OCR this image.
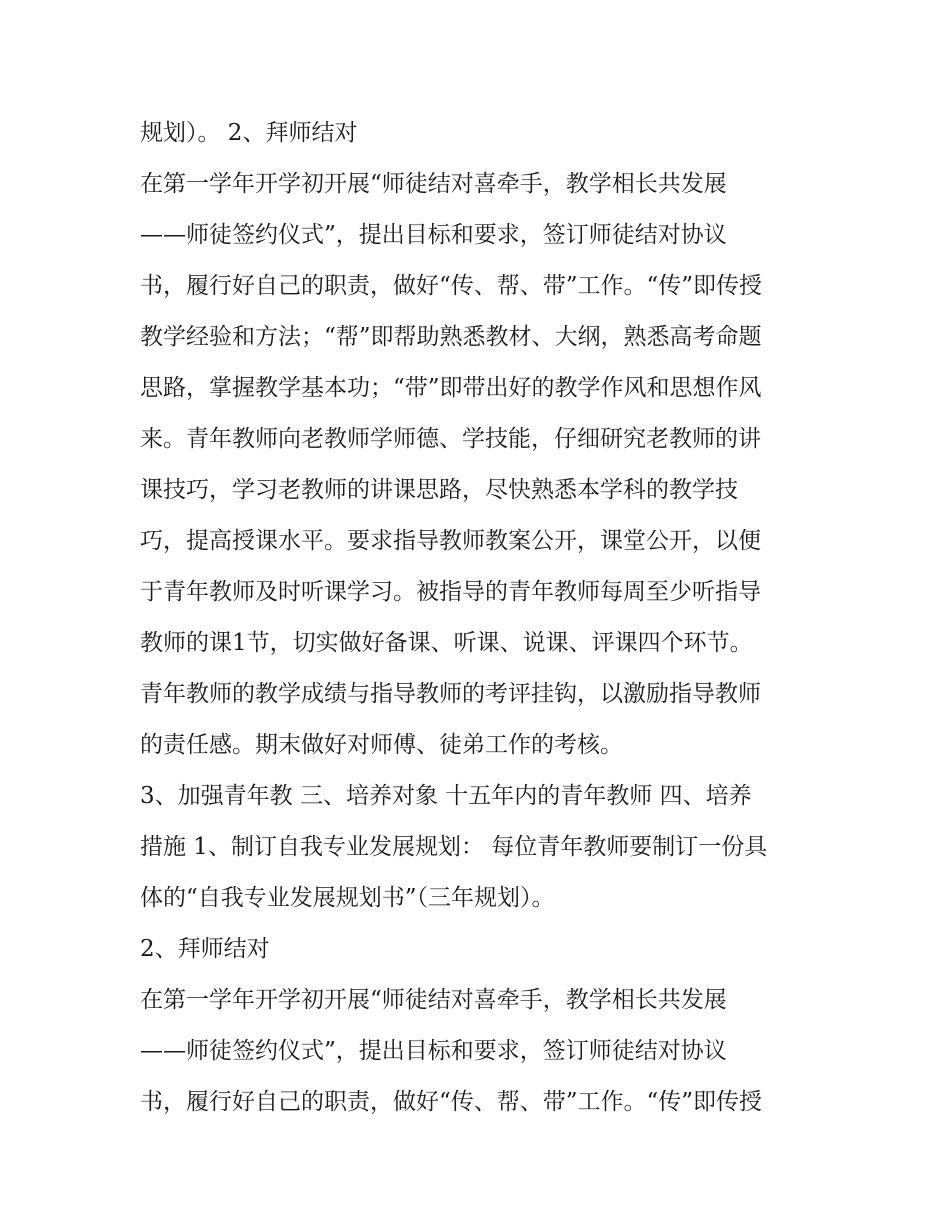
规划）。 2、拜师结对
在第一学年开学初开展“师徒结对喜牵手，教学相长共发展
——师徒签约仪式”，提出目标和要求，签订师徒结对协议
书，履行好自己的职责，做好“传、帮、带”工作。“传”即传授
教学经验和方法；“帮”即帮助熟悉教材、大纲，熟悉高考命题
思路，掌握教学基本功；“带”即带出好的教学作风和思想作风
来。青年教师向老教师学师德、学技能，仔细研究老教师的讲
课技巧，学习老教师的讲课思路，尽快熟悉本学科的教学技
巧，提高授课水平。要求指导教师教案公开，课堂公开，以便
于青年教师及时听课学习。被指导的青年教师每周至少听指导
教师的课1节，切实做好备课、听课、说课、评课四个环节。
青年教师的教学成绩与指导教师的考评挂钩，以激励指导教师
的责任感。期末做好对师傅、徒弟工作的考核。
3、加强青年教 三、培养对象 十五年内的青年教师 四、培养
措施 1、制订自我专业发展规划： 每位青年教师要制订一份具
体的“自我专业发展规划书”（三年规划）。
2、拜师结对
在第一学年开学初开展“师徒结对喜牵手，教学相长共发展
——师徒签约仪式”，提出目标和要求，签订师徒结对协议
书，履行好自己的职责，做好“传、帮、带”工作。“传”即传授
